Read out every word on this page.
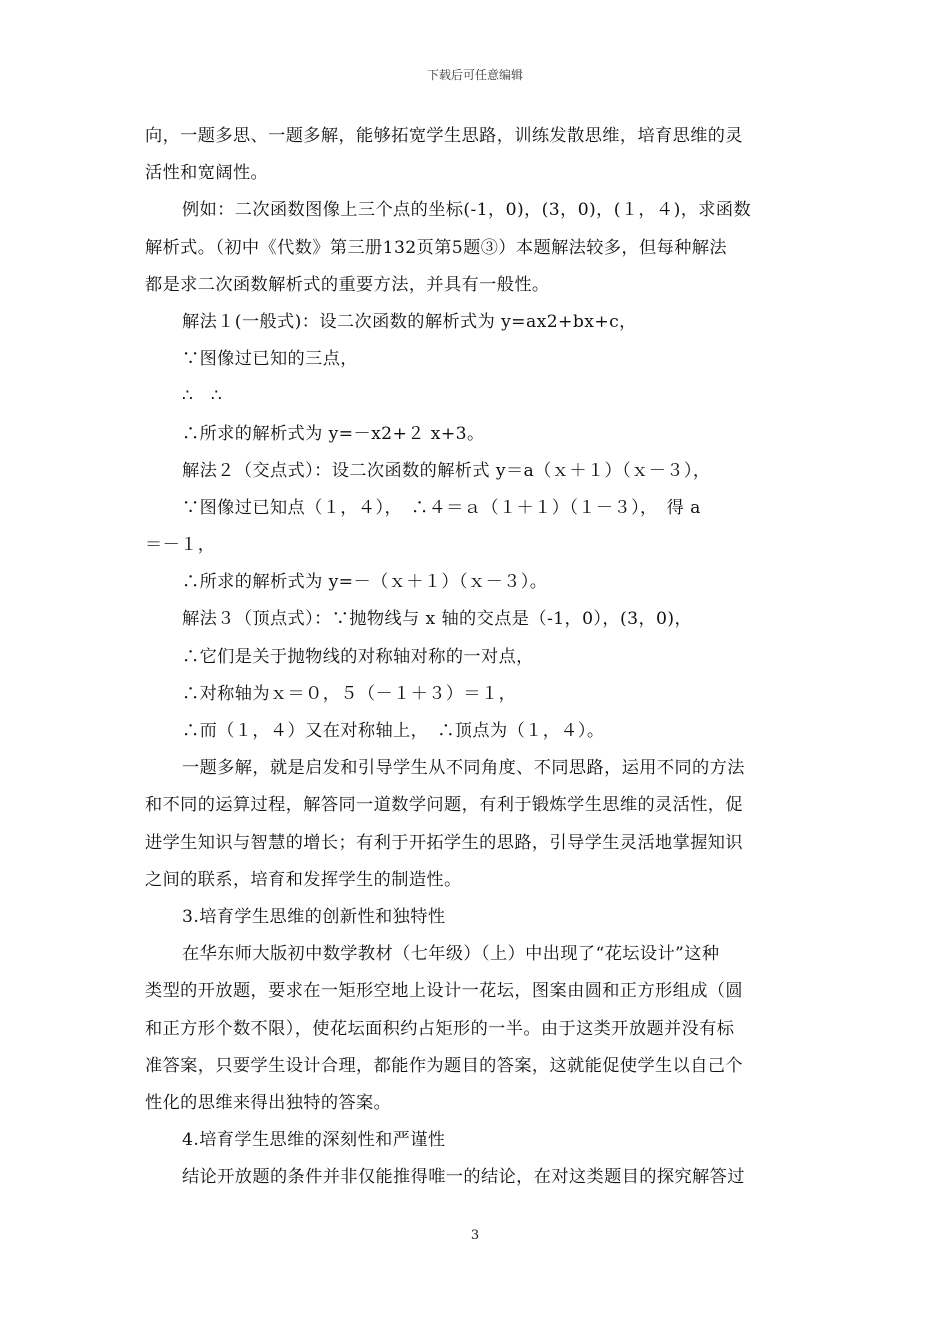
下载后可任意编辑
向，一题多思、一题多解，能够拓宽学生思路，训练发散思维，培育思维的灵
活性和宽阔性。
例如：二次函数图像上三个点的坐标(-1，0)，(3，0)，(１，４)，求函数
解析式。（初中《代数》第三册132页第5题③）本题解法较多，但每种解法
都是求二次函数解析式的重要方法，并具有一般性。
解法１(一般式)：设二次函数的解析式为 y=ax2+bx+c，
∵图像过已知的三点，
∴　∴
∴所求的解析式为 y=－x2+２ x+3。
解法２（交点式）：设二次函数的解析式 y＝a（ｘ＋１）（ｘ－３），
∵图像过已知点（１，４），　∴４＝ａ（１＋１）（１－３），　得 a
＝－１，
∴所求的解析式为 y=－（ｘ＋１）（ｘ－３）。
解法３（顶点式）：∵抛物线与 x 轴的交点是（-1，0），(3，0)，
∴它们是关于抛物线的对称轴对称的一对点，
∴对称轴为ｘ＝０，５（－１＋３）＝１，
∴而（１，４）又在对称轴上，　∴顶点为（１，４）。
一题多解，就是启发和引导学生从不同角度、不同思路，运用不同的方法
和不同的运算过程，解答同一道数学问题，有利于锻炼学生思维的灵活性，促
进学生知识与智慧的增长；有利于开拓学生的思路，引导学生灵活地掌握知识
之间的联系，培育和发挥学生的制造性。
3.培育学生思维的创新性和独特性
在华东师大版初中数学教材（七年级）（上）中出现了“花坛设计”这种
类型的开放题，要求在一矩形空地上设计一花坛，图案由圆和正方形组成（圆
和正方形个数不限），使花坛面积约占矩形的一半。由于这类开放题并没有标
准答案，只要学生设计合理，都能作为题目的答案，这就能促使学生以自己个
性化的思维来得出独特的答案。
4.培育学生思维的深刻性和严谨性
结论开放题的条件并非仅能推得唯一的结论，在对这类题目的探究解答过
3
